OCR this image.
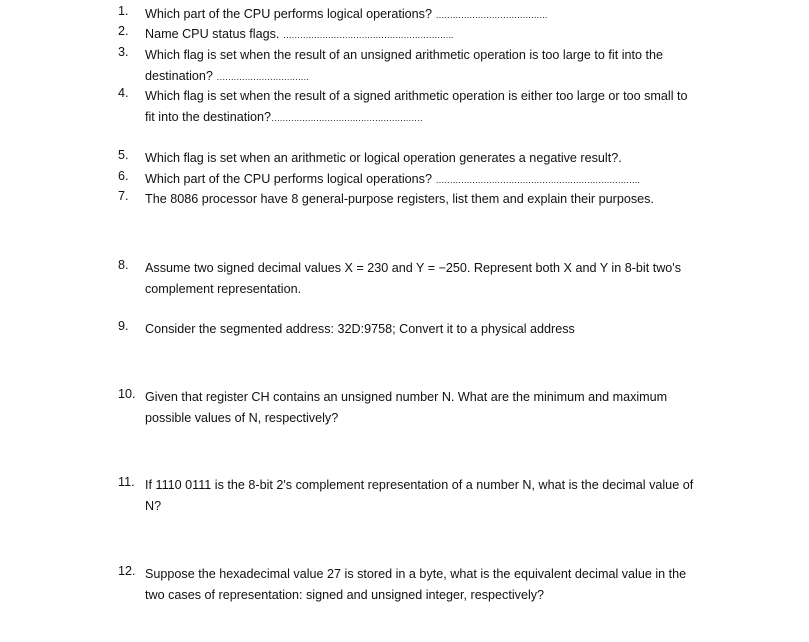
1.	Which part of the CPU performs logical operations? ………………………………….
2.	Name CPU status flags. …………………………………………………….
3.	Which flag is set when the result of an unsigned arithmetic operation is too large to fit into the destination? ……………………………
4.	Which flag is set when the result of a signed arithmetic operation is either too large or too small to fit into the destination?………………………………………………
5.	Which flag is set when an arithmetic or logical operation generates a negative result?.
6.	Which part of the CPU performs logical operations? ……………………………………………………………….
7.	The 8086 processor have 8 general-purpose registers, list them and explain their purposes.
8.	Assume two signed decimal values X = 230 and Y = −250. Represent both X and Y in 8-bit two's complement representation.
9.	Consider the segmented address: 32D:9758; Convert it to a physical address
10. Given that register CH contains an unsigned number N. What are the minimum and maximum possible values of N, respectively?
11. If 1110 0111 is the 8-bit 2's complement representation of a number N, what is the decimal value of N?
12. Suppose the hexadecimal value 27 is stored in a byte, what is the equivalent decimal value in the two cases of representation: signed and unsigned integer, respectively?
